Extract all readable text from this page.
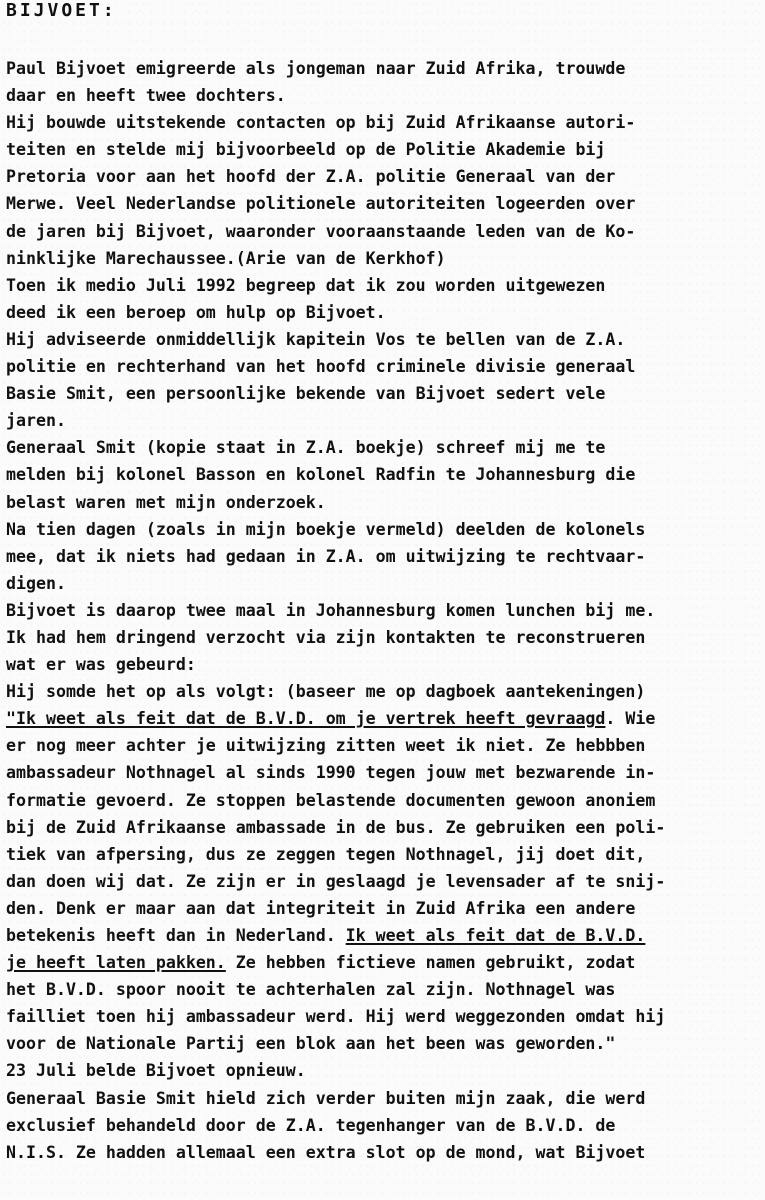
BIJVOET:
Paul Bijvoet emigreerde als jongeman naar Zuid Afrika, trouwde
daar en heeft twee dochters.
Hij bouwde uitstekende contacten op bij Zuid Afrikaanse autori-
teiten en stelde mij bijvoorbeeld op de Politie Akademie bij
Pretoria voor aan het hoofd der Z.A. politie Generaal van der
Merwe. Veel Nederlandse politionele autoriteiten logeerden over
de jaren bij Bijvoet, waaronder vooraanstaande leden van de Ko-
ninklijke Marechaussee.(Arie van de Kerkhof)
Toen ik medio Juli 1992 begreep dat ik zou worden uitgewezen
deed ik een beroep om hulp op Bijvoet.
Hij adviseerde onmiddellijk kapitein Vos te bellen van de Z.A.
politie en rechterhand van het hoofd criminele divisie generaal
Basie Smit, een persoonlijke bekende van Bijvoet sedert vele
jaren.
Generaal Smit (kopie staat in Z.A. boekje) schreef mij me te
melden bij kolonel Basson en kolonel Radfin te Johannesburg die
belast waren met mijn onderzoek.
Na tien dagen (zoals in mijn boekje vermeld) deelden de kolonels
mee, dat ik niets had gedaan in Z.A. om uitwijzing te rechtvaar-
digen.
Bijvoet is daarop twee maal in Johannesburg komen lunchen bij me.
Ik had hem dringend verzocht via zijn kontakten te reconstrueren
wat er was gebeurd:
Hij somde het op als volgt: (baseer me op dagboek aantekeningen)
"Ik weet als feit dat de B.V.D. om je vertrek heeft gevraagd. Wie
er nog meer achter je uitwijzing zitten weet ik niet. Ze hebbben
ambassadeur Nothnagel al sinds 1990 tegen jouw met bezwarende in-
formatie gevoerd. Ze stoppen belastende documenten gewoon anoniem
bij de Zuid Afrikaanse ambassade in de bus. Ze gebruiken een poli-
tiek van afpersing, dus ze zeggen tegen Nothnagel, jij doet dit,
dan doen wij dat. Ze zijn er in geslaagd je levensader af te snij-
den. Denk er maar aan dat integriteit in Zuid Afrika een andere
betekenis heeft dan in Nederland. Ik weet als feit dat de B.V.D.
je heeft laten pakken. Ze hebben fictieve namen gebruikt, zodat
het B.V.D. spoor nooit te achterhalen zal zijn. Nothnagel was
failliet toen hij ambassadeur werd. Hij werd weggezonden omdat hij
voor de Nationale Partij een blok aan het been was geworden."
23 Juli belde Bijvoet opnieuw.
Generaal Basie Smit hield zich verder buiten mijn zaak, die werd
exclusief behandeld door de Z.A. tegenhanger van de B.V.D. de
N.I.S. Ze hadden allemaal een extra slot op de mond, wat Bijvoet
